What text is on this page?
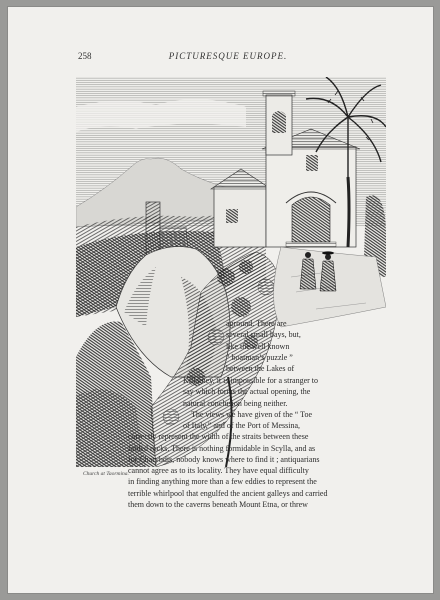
258	PICTURESQUE EUROPE.
Church at Taormina.

aground. There are

several small bays, but,

like the well known

“ boatman’s puzzle ”

between the Lakes of

Killarney, it is impossible for a stranger to

say which forms the actual opening, the

natural conclusion being neither.

The views we have given of the “ Toe

of Italy,” and of the Port of Messina,

correctly represent the width of the straits between these

fabled rocks. There is nothing formidable in Scylla, and as

for Charybdis, nobody knows where to find it ; antiquarians

cannot agree as to its locality. They have equal difficulty

in finding anything more than a few eddies to represent the

terrible whirlpool that engulfed the ancient galleys and carried

them down to the caverns beneath Mount Etna, or threw
